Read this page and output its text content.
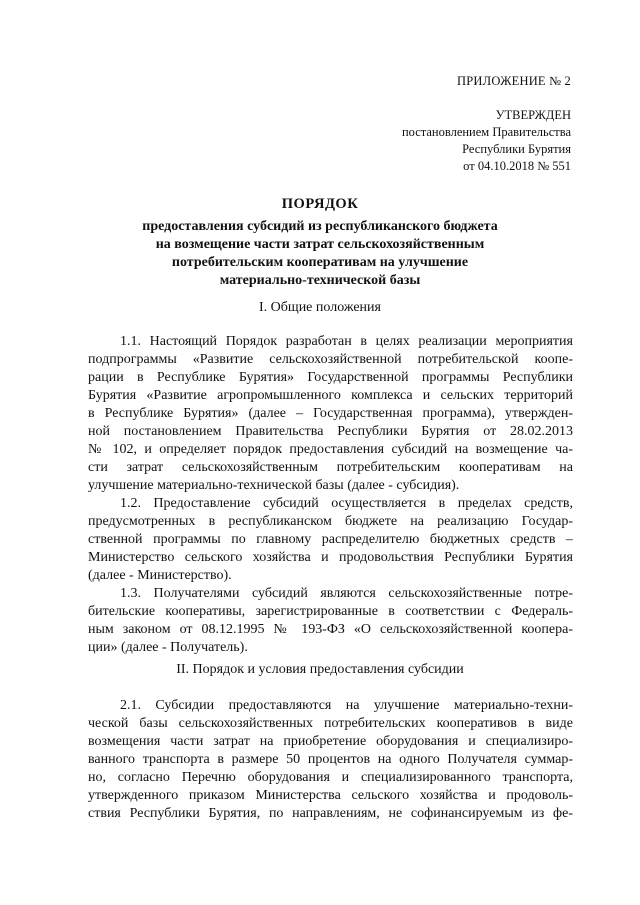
ПРИЛОЖЕНИЕ № 2
УТВЕРЖДЕН
постановлением Правительства
Республики Бурятия
от 04.10.2018 № 551
ПОРЯДОК
предоставления субсидий из республиканского бюджета
на возмещение части затрат сельскохозяйственным
потребительским кооперативам на улучшение
материально-технической базы
I. Общие положения
1.1. Настоящий Порядок разработан в целях реализации мероприятия
подпрограммы «Развитие сельскохозяйственной потребительской коопе-
рации в Республике Бурятия» Государственной программы Республики
Бурятия «Развитие агропромышленного комплекса и сельских территорий
в Республике Бурятия» (далее – Государственная программа), утвержден-
ной постановлением Правительства Республики Бурятия от 28.02.2013
№ 102, и определяет порядок предоставления субсидий на возмещение ча-
сти затрат сельскохозяйственным потребительским кооперативам на
улучшение материально-технической базы (далее - субсидия).
1.2. Предоставление субсидий осуществляется в пределах средств,
предусмотренных в республиканском бюджете на реализацию Государ-
ственной программы по главному распределителю бюджетных средств –
Министерство сельского хозяйства и продовольствия Республики Бурятия
(далее - Министерство).
1.3. Получателями субсидий являются сельскохозяйственные потре-
бительские кооперативы, зарегистрированные в соответствии с Федераль-
ным законом от 08.12.1995 № 193-ФЗ «О сельскохозяйственной коопера-
ции» (далее - Получатель).
II. Порядок и условия предоставления субсидии
2.1. Субсидии предоставляются на улучшение материально-техни-
ческой базы сельскохозяйственных потребительских кооперативов в виде
возмещения части затрат на приобретение оборудования и специализиро-
ванного транспорта в размере 50 процентов на одного Получателя суммар-
но, согласно Перечню оборудования и специализированного транспорта,
утвержденного приказом Министерства сельского хозяйства и продоволь-
ствия Республики Бурятия, по направлениям, не софинансируемым из фе-
